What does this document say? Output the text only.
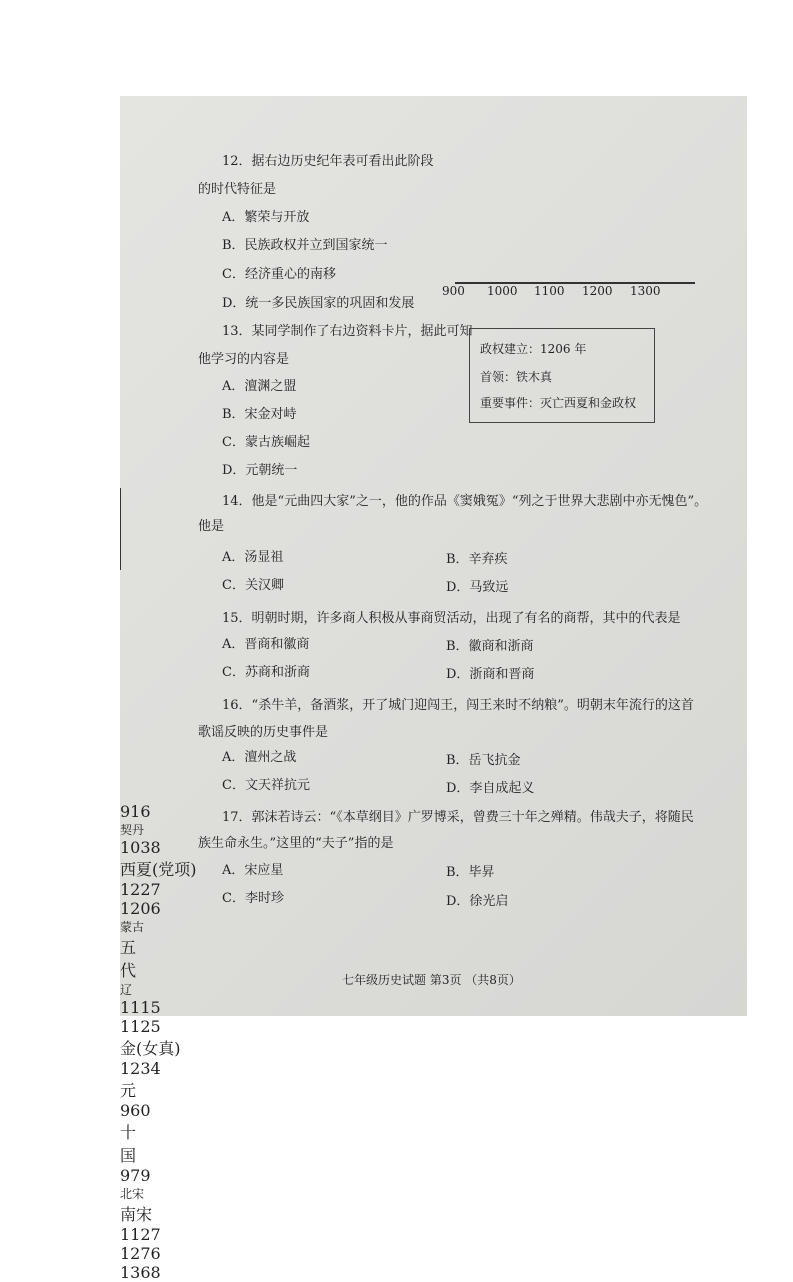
12．据右边历史纪年表可看出此阶段
的时代特征是
A．繁荣与开放
B．民族政权并立到国家统一
C．经济重心的南移
D．统一多民族国家的巩固和发展
916
契丹
1038
西夏(党项)
1227
1206
蒙古
五
代
辽
1115
1125
金(女真)
1234
元
960
十
国
979
北宋
南宋
1127
1276
1368
900 1000 1100 1200 1300
13．某同学制作了右边资料卡片，据此可知
他学习的内容是
A．澶渊之盟
B．宋金对峙
C．蒙古族崛起
D．元朝统一
政权建立：1206 年
首领：铁木真
重要事件：灭亡西夏和金政权
14．他是“元曲四大家”之一，他的作品《窦娥冤》“列之于世界大悲剧中亦无愧色”。
他是
A．汤显祖	B．辛弃疾
C．关汉卿	D．马致远
15．明朝时期，许多商人积极从事商贸活动，出现了有名的商帮，其中的代表是
A．晋商和徽商	B．徽商和浙商
C．苏商和浙商	D．浙商和晋商
16．“杀牛羊，备酒浆，开了城门迎闯王，闯王来时不纳粮”。明朝末年流行的这首
歌谣反映的历史事件是
A．澶州之战	B．岳飞抗金
C．文天祥抗元	D．李自成起义
17．郭沫若诗云：“《本草纲目》广罗博采，曾费三十年之殚精。伟哉夫子，将随民
族生命永生。”这里的“夫子”指的是
A．宋应星	B．毕昇
C．李时珍	D．徐光启
七年级历史试题 第3页 （共8页）
